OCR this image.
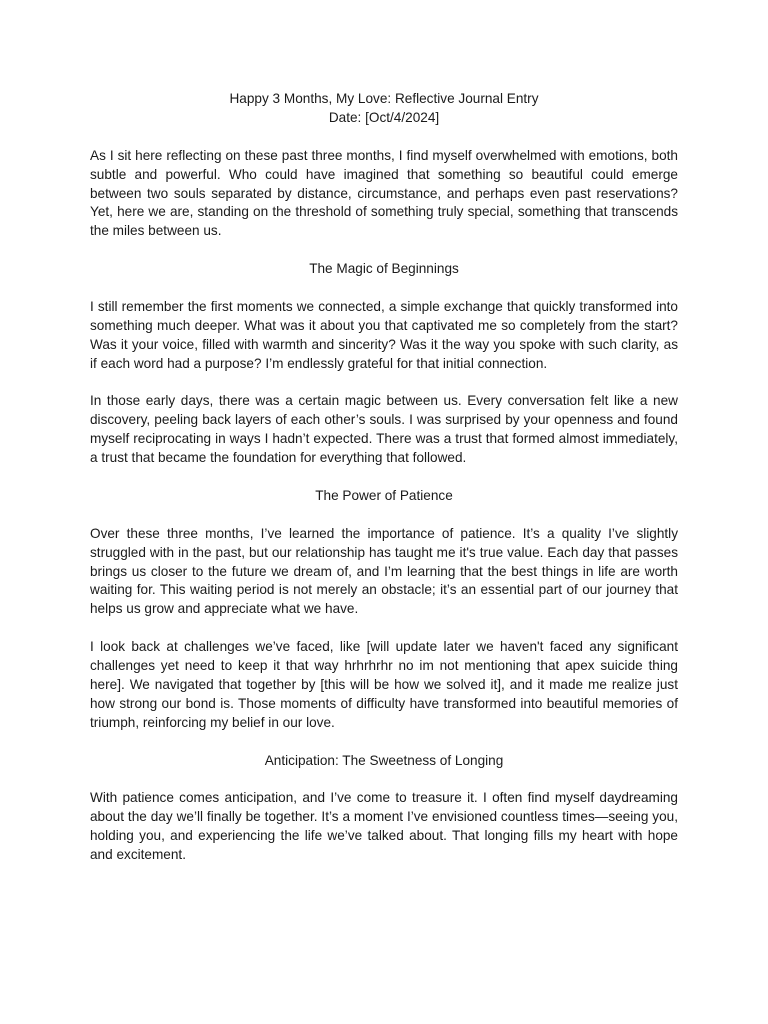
Happy 3 Months, My Love: Reflective Journal Entry

Date: [Oct/4/2024]

As I sit here reflecting on these past three months, I find myself overwhelmed with emotions, both subtle and powerful. Who could have imagined that something so beautiful could emerge between two souls separated by distance, circumstance, and perhaps even past reservations? Yet, here we are, standing on the threshold of something truly special, something that transcends the miles between us.

The Magic of Beginnings

I still remember the first moments we connected, a simple exchange that quickly transformed into something much deeper. What was it about you that captivated me so completely from the start? Was it your voice, filled with warmth and sincerity? Was it the way you spoke with such clarity, as if each word had a purpose? I’m endlessly grateful for that initial connection.

In those early days, there was a certain magic between us. Every conversation felt like a new discovery, peeling back layers of each other’s souls. I was surprised by your openness and found myself reciprocating in ways I hadn’t expected. There was a trust that formed almost immediately, a trust that became the foundation for everything that followed.

The Power of Patience

Over these three months, I’ve learned the importance of patience. It’s a quality I’ve slightly struggled with in the past, but our relationship has taught me it's true value. Each day that passes brings us closer to the future we dream of, and I’m learning that the best things in life are worth waiting for. This waiting period is not merely an obstacle; it’s an essential part of our journey that helps us grow and appreciate what we have.

I look back at challenges we’ve faced, like [will update later we haven't faced any significant challenges yet need to keep it that way hrhrhrhr no im not mentioning that apex suicide thing here]. We navigated that together by [this will be how we solved it], and it made me realize just how strong our bond is. Those moments of difficulty have transformed into beautiful memories of triumph, reinforcing my belief in our love.

Anticipation: The Sweetness of Longing

With patience comes anticipation, and I’ve come to treasure it. I often find myself daydreaming about the day we’ll finally be together. It’s a moment I’ve envisioned countless times—seeing you, holding you, and experiencing the life we’ve talked about. That longing fills my heart with hope and excitement.
